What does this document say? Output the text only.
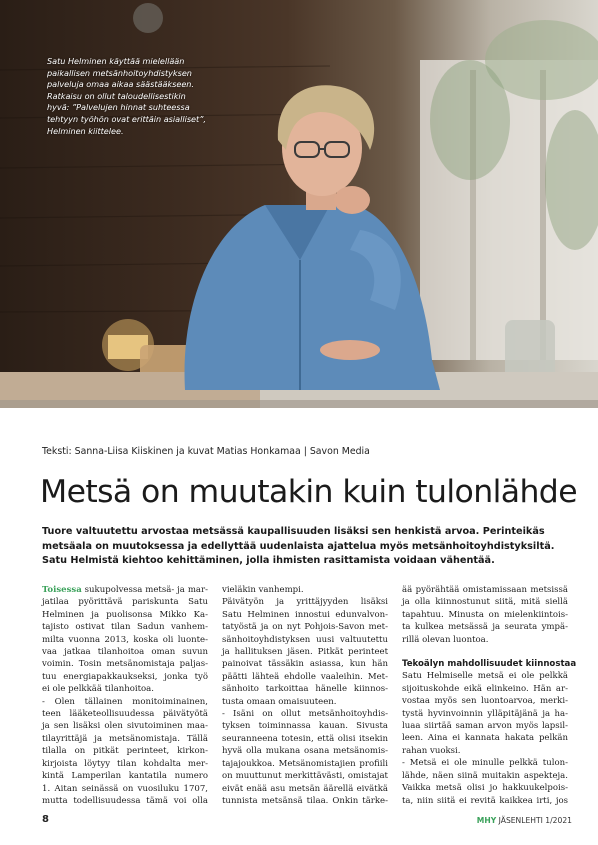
Satu Helminen käyttää mielellään
paikallisen metsänhoitoyhdistyksen
palveluja omaa aikaa säästääkseen.
Ratkaisu on ollut taloudellisestikin
hyvä: ”Palvelujen hinnat suhteessa
tehtyyn työhön ovat erittäin asialliset”,
Helminen kiittelee.
Teksti: Sanna-Liisa Kiiskinen ja kuvat Matias Honkamaa | Savon Media
Metsä on muutakin kuin tulonlähde

Tuore valtuutettu arvostaa metsässä kaupallisuuden lisäksi sen henkistä arvoa. Perinteikäs

metsäala on muutoksessa ja edellyttää uudenlaista ajattelua myös metsänhoitoyhdistyksiltä.

Satu Helmistä kiehtoo kehittäminen, jolla ihmisten rasittamista voidaan vähentää.

Toisessa sukupolvessa metsä- ja mar-
jatilaa pyörittävä pariskunta Satu
Helminen ja puolisonsa Mikko Ka-
tajisto ostivat tilan Sadun vanhem-
milta vuonna 2013, koska oli luonte-
vaa jatkaa tilanhoitoa oman suvun
voimin. Tosin metsänomistaja paljas-
tuu energiapakkaukseksi, jonka työ
ei ole pelkkää tilanhoitoa.
- Olen tällainen monitoiminainen,
teen lääketeollisuudessa päivätyötä
ja sen lisäksi olen sivutoiminen maa-
tilayrittäjä ja metsänomistaja. Tällä
tilalla on pitkät perinteet, kirkon-
kirjoista löytyy tilan kohdalta mer-
kintä Lamperilan kantatila numero
1. Aitan seinässä on vuosiluku 1707,
mutta todellisuudessa tämä voi olla
vieläkin vanhempi.
Päivätyön ja yrittäjyyden lisäksi
Satu Helminen innostui edunvalvon-
tatyöstä ja on nyt Pohjois-Savon met-
sänhoitoyhdistyksen uusi valtuutettu
ja hallituksen jäsen. Pitkät perinteet
painoivat tässäkin asiassa, kun hän
päätti lähteä ehdolle vaaleihin. Met-
sänhoito tarkoittaa hänelle kiinnos-
tusta omaan omaisuuteen.
- Isäni on ollut metsänhoitoyhdis-
tyksen toiminnassa kauan. Sivusta
seuranneena totesin, että olisi itsekin
hyvä olla mukana osana metsänomis-
tajajoukkoa. Metsänomistajien profiili
on muuttunut merkittävästi, omistajat
eivät enää asu metsän äärellä eivätkä
tunnista metsänsä tilaa. Onkin tärke-
ää pyörähtää omistamissaan metsissä
ja olla kiinnostunut siitä, mitä siellä
tapahtuu. Minusta on mielenkiintois-
ta kulkea metsässä ja seurata ympä-
rillä olevan luontoa.
Tekoälyn mahdollisuudet kiinnostaa
Satu Helmiselle metsä ei ole pelkkä
sijoituskohde eikä elinkeino. Hän ar-
vostaa myös sen luontoarvoa, merki-
tystä hyvinvoinnin ylläpitäjänä ja ha-
luaa siirtää saman arvon myös lapsil-
leen. Aina ei kannata hakata pelkän
rahan vuoksi.
- Metsä ei ole minulle pelkkä tulon-
lähde, näen siinä muitakin aspekteja.
Vaikka metsä olisi jo hakkuukelpois-
ta, niin siitä ei revitä kaikkea irti, jos
8	MHY JÄSENLEHTI 1/2021
